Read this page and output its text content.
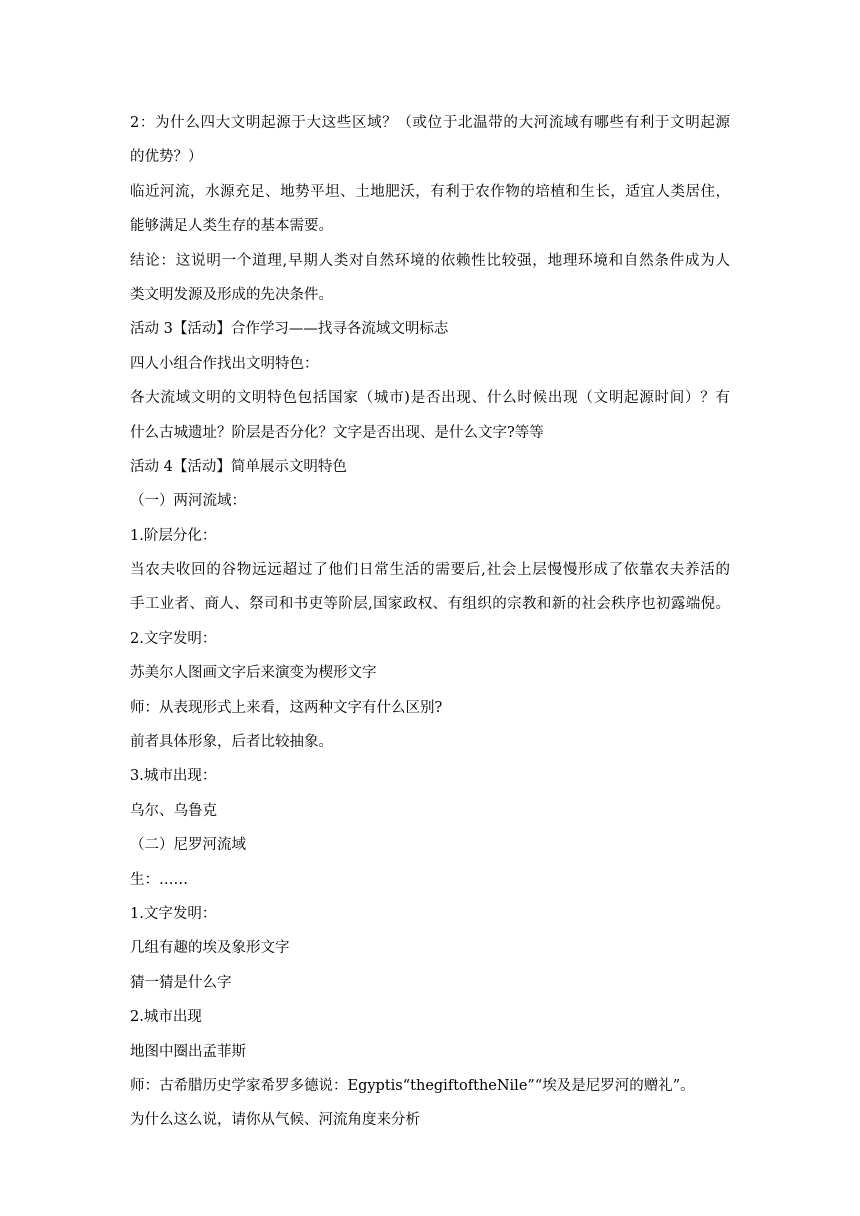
2：为什么四大文明起源于大这些区域？（或位于北温带的大河流域有哪些有利于文明起源
的优势？）
临近河流，水源充足、地势平坦、土地肥沃，有利于农作物的培植和生长，适宜人类居住，
能够满足人类生存的基本需要。
结论：这说明一个道理,早期人类对自然环境的依赖性比较强，地理环境和自然条件成为人
类文明发源及形成的先决条件。
活动 3【活动】合作学习——找寻各流域文明标志
四人小组合作找出文明特色：
各大流域文明的文明特色包括国家（城市)是否出现、什么时候出现（文明起源时间）？有
什么古城遗址？阶层是否分化？文字是否出现、是什么文字?等等
活动 4【活动】简单展示文明特色
（一）两河流域：
1.阶层分化：
当农夫收回的谷物远远超过了他们日常生活的需要后,社会上层慢慢形成了依靠农夫养活的
手工业者、商人、祭司和书吏等阶层,国家政权、有组织的宗教和新的社会秩序也初露端倪。
2.文字发明：
苏美尔人图画文字后来演变为楔形文字
师：从表现形式上来看，这两种文字有什么区别?
前者具体形象，后者比较抽象。
3.城市出现：
乌尔、乌鲁克
（二）尼罗河流域
生：……
1.文字发明：
几组有趣的埃及象形文字
猜一猜是什么字
2.城市出现
地图中圈出孟菲斯
师：古希腊历史学家希罗多德说：Egyptis“thegiftoftheNile”“埃及是尼罗河的赠礼”。
为什么这么说，请你从气候、河流角度来分析
